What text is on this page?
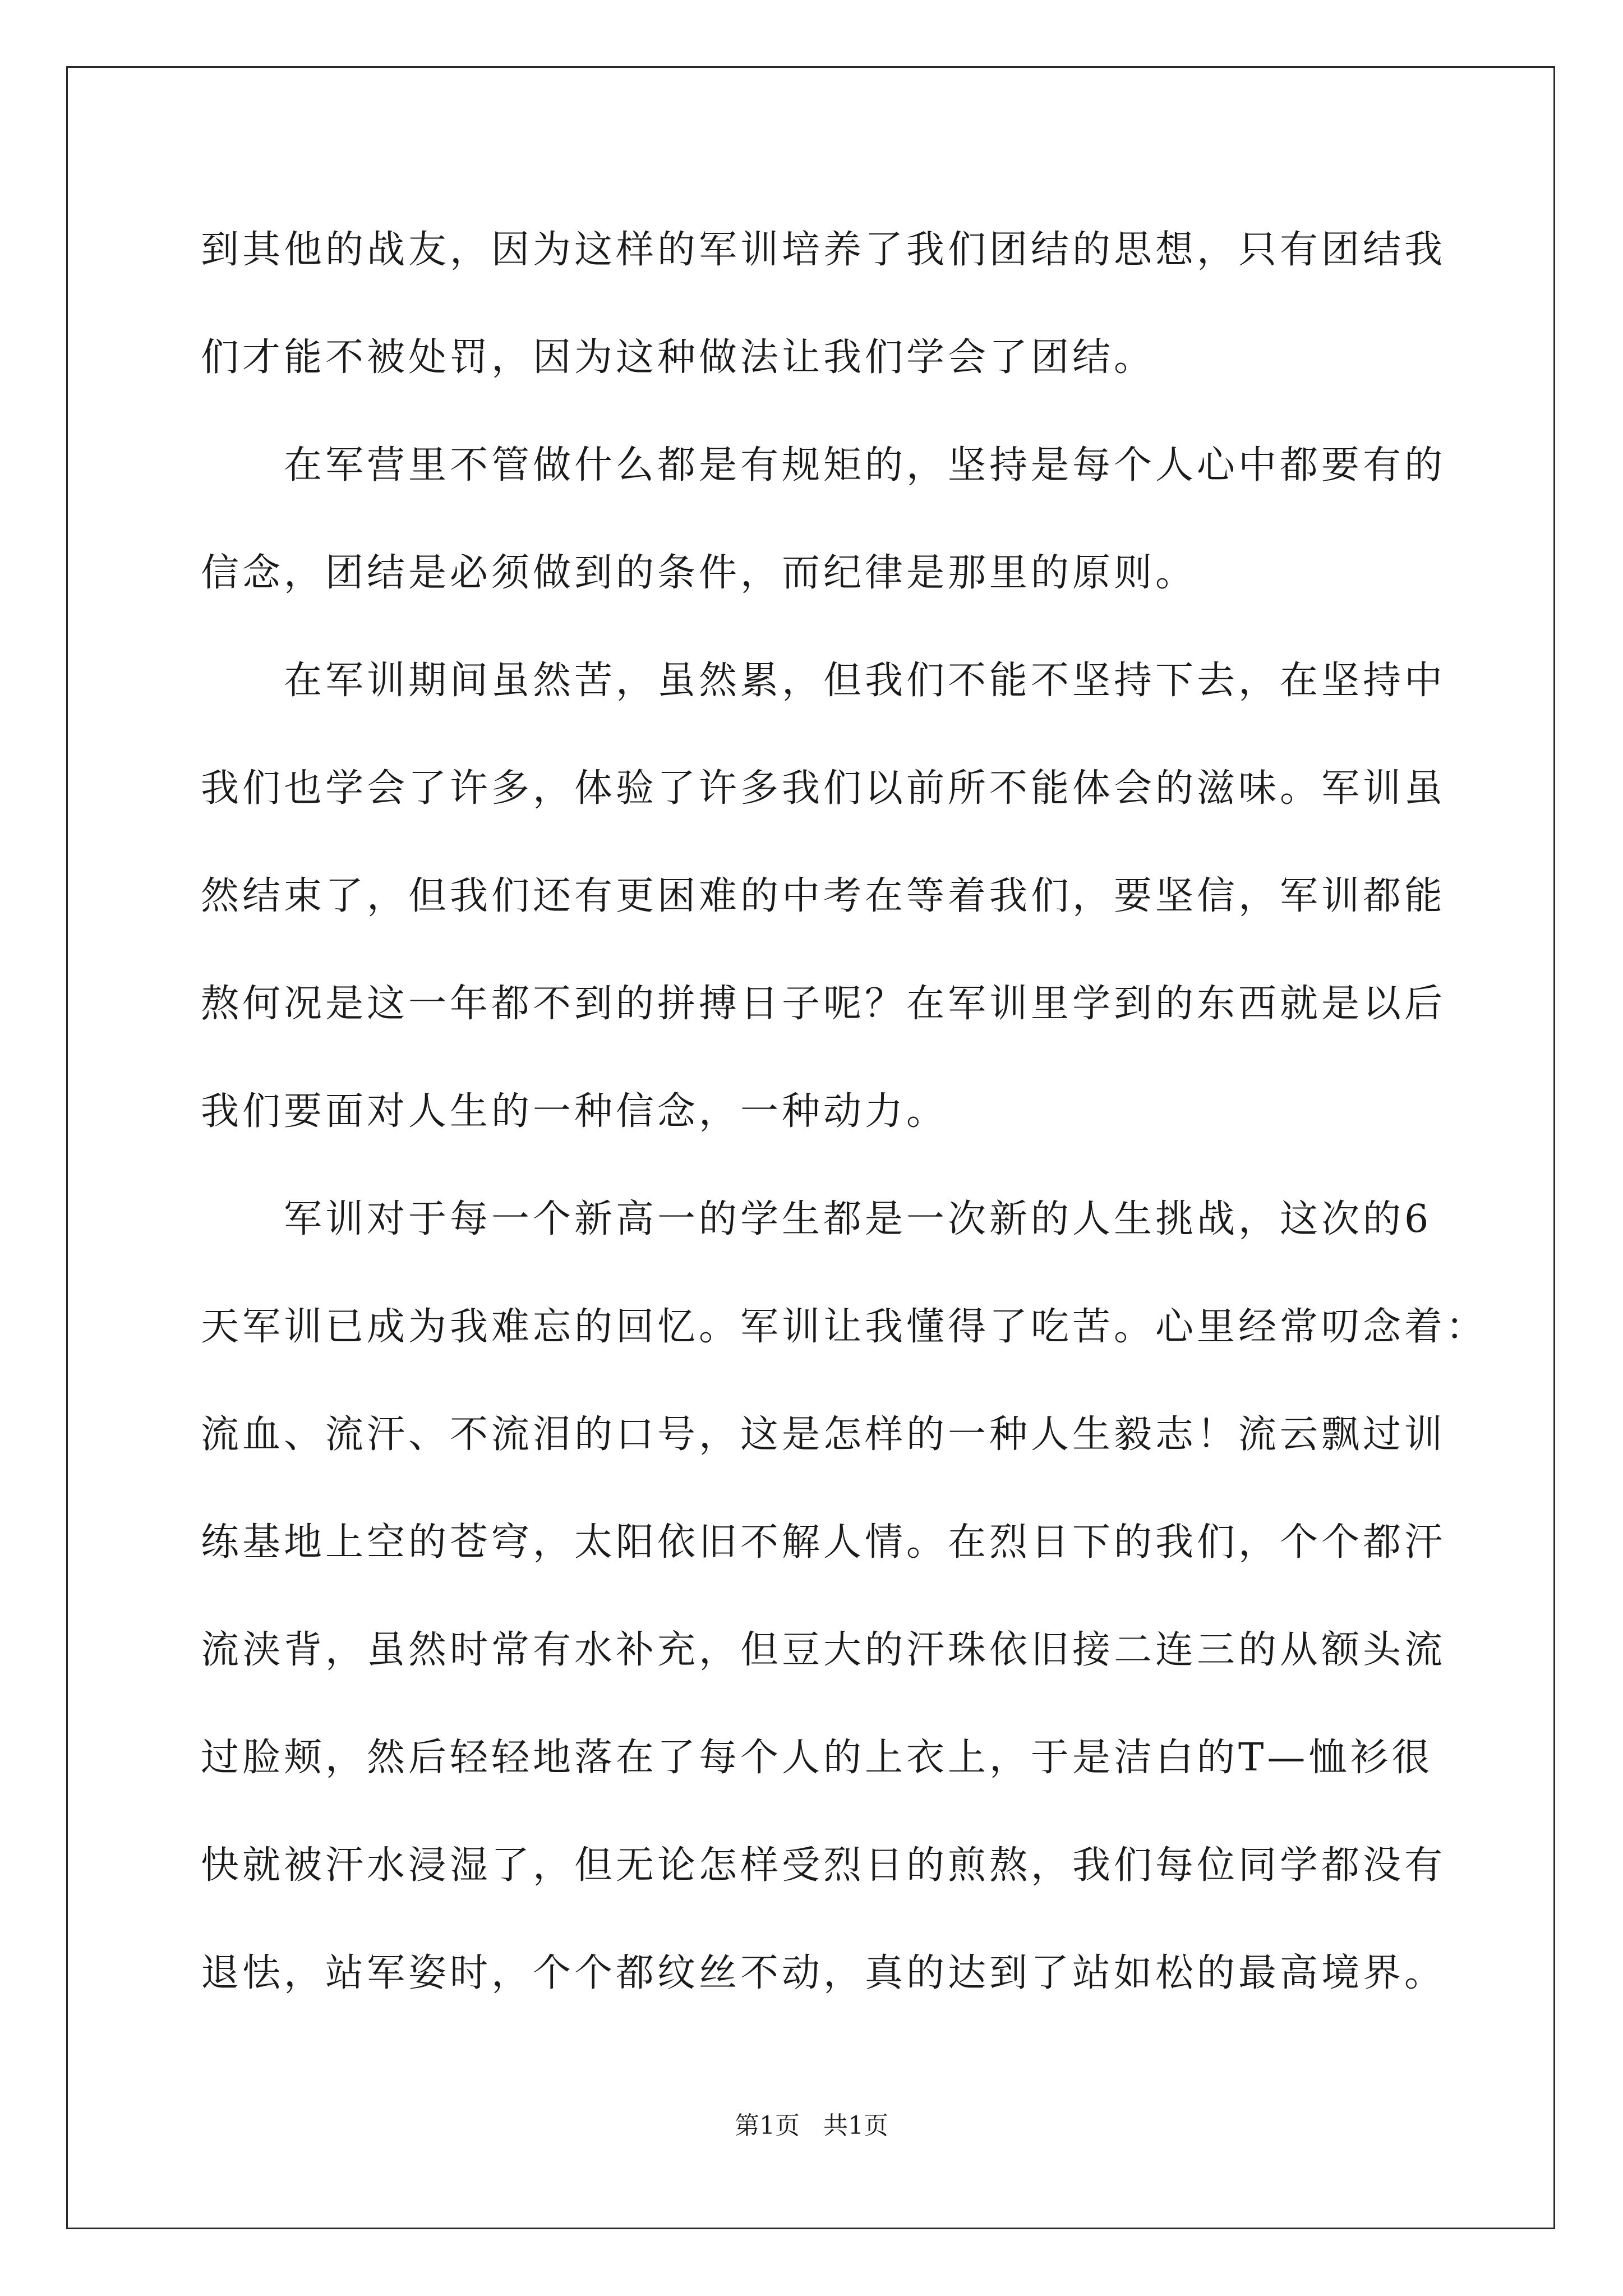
到其他的战友，因为这样的军训培养了我们团结的思想，只有团结我
们才能不被处罚，因为这种做法让我们学会了团结。
　　在军营里不管做什么都是有规矩的，坚持是每个人心中都要有的
信念，团结是必须做到的条件，而纪律是那里的原则。
　　在军训期间虽然苦，虽然累，但我们不能不坚持下去，在坚持中
我们也学会了许多，体验了许多我们以前所不能体会的滋味。军训虽
然结束了，但我们还有更困难的中考在等着我们，要坚信，军训都能
熬何况是这一年都不到的拼搏日子呢？在军训里学到的东西就是以后
我们要面对人生的一种信念，一种动力。
　　军训对于每一个新高一的学生都是一次新的人生挑战，这次的6
天军训已成为我难忘的回忆。军训让我懂得了吃苦。心里经常叨念着：
流血、流汗、不流泪的口号，这是怎样的一种人生毅志！流云飘过训
练基地上空的苍穹，太阳依旧不解人情。在烈日下的我们，个个都汗
流浃背，虽然时常有水补充，但豆大的汗珠依旧接二连三的从额头流
过脸颊，然后轻轻地落在了每个人的上衣上，于是洁白的T—恤衫很
快就被汗水浸湿了，但无论怎样受烈日的煎熬，我们每位同学都没有
退怯，站军姿时，个个都纹丝不动，真的达到了站如松的最高境界。
第1页   共1页
